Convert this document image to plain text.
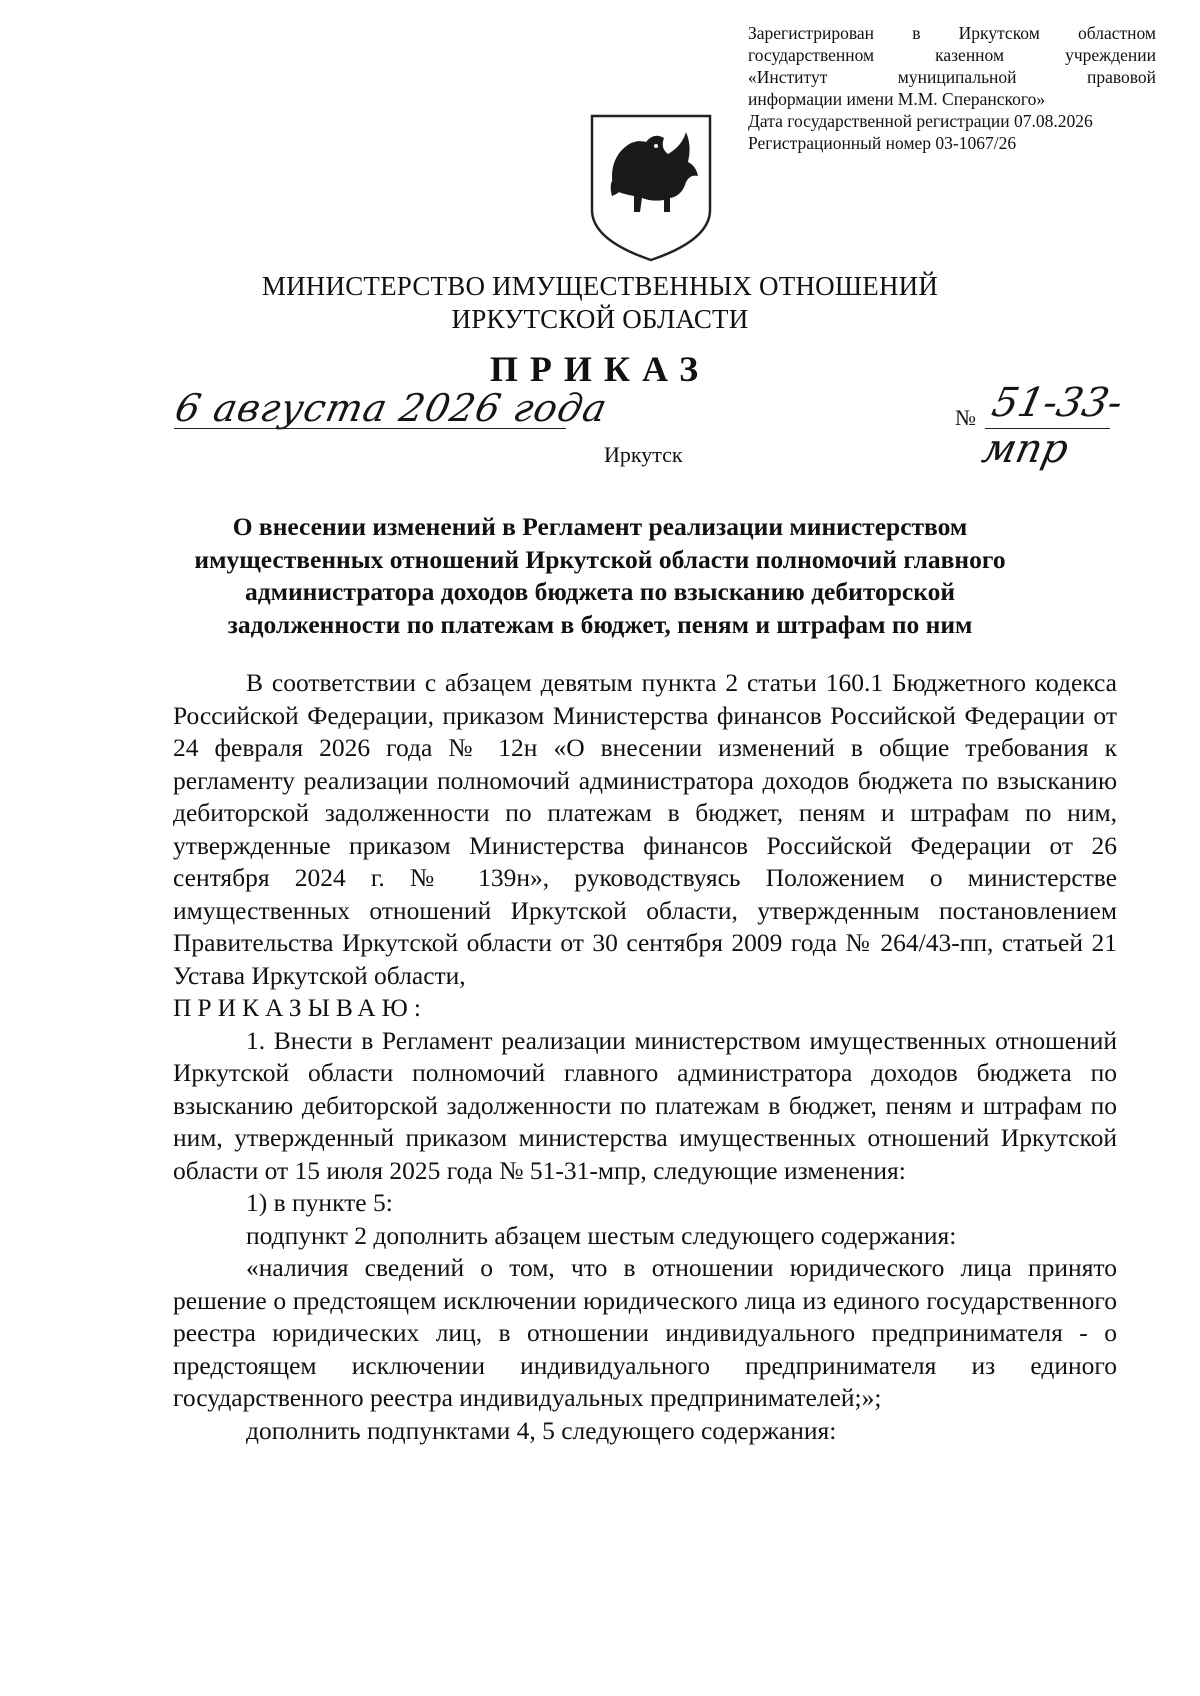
Зарегистрирован в Иркутском областном
государственном казенном учреждении
«Институт муниципальной правовой
информации имени М.М. Сперанского»
Дата государственной регистрации 07.08.2026
Регистрационный номер 03-1067/26
МИНИСТЕРСТВО ИМУЩЕСТВЕННЫХ ОТНОШЕНИЙ
ИРКУТСКОЙ ОБЛАСТИ
ПРИКАЗ
6 августа 2026 года	№ 51-33-мпр
Иркутск
О внесении изменений в Регламент реализации министерством имущественных отношений Иркутской области полномочий главного администратора доходов бюджета по взысканию дебиторской задолженности по платежам в бюджет, пеням и штрафам по ним

В соответствии с абзацем девятым пункта 2 статьи 160.1 Бюджетного кодекса Российской Федерации, приказом Министерства финансов Российской Федерации от 24 февраля 2026 года № 12н «О внесении изменений в общие требования к регламенту реализации полномочий администратора доходов бюджета по взысканию дебиторской задолженности по платежам в бюджет, пеням и штрафам по ним, утвержденные приказом Министерства финансов Российской Федерации от 26 сентября 2024 г. № 139н», руководствуясь Положением о министерстве имущественных отношений Иркутской области, утвержденным постановлением Правительства Иркутской области от 30 сентября 2009 года № 264/43-пп, статьей 21 Устава Иркутской области,

ПРИКАЗЫВАЮ:

1. Внести в Регламент реализации министерством имущественных отношений Иркутской области полномочий главного администратора доходов бюджета по взысканию дебиторской задолженности по платежам в бюджет, пеням и штрафам по ним, утвержденный приказом министерства имущественных отношений Иркутской области от 15 июля 2025 года № 51-31-мпр, следующие изменения:

1) в пункте 5:

подпункт 2 дополнить абзацем шестым следующего содержания:

«наличия сведений о том, что в отношении юридического лица принято решение о предстоящем исключении юридического лица из единого государственного реестра юридических лиц, в отношении индивидуального предпринимателя - о предстоящем исключении индивидуального предпринимателя из единого государственного реестра индивидуальных предпринимателей;»;

дополнить подпунктами 4, 5 следующего содержания:
